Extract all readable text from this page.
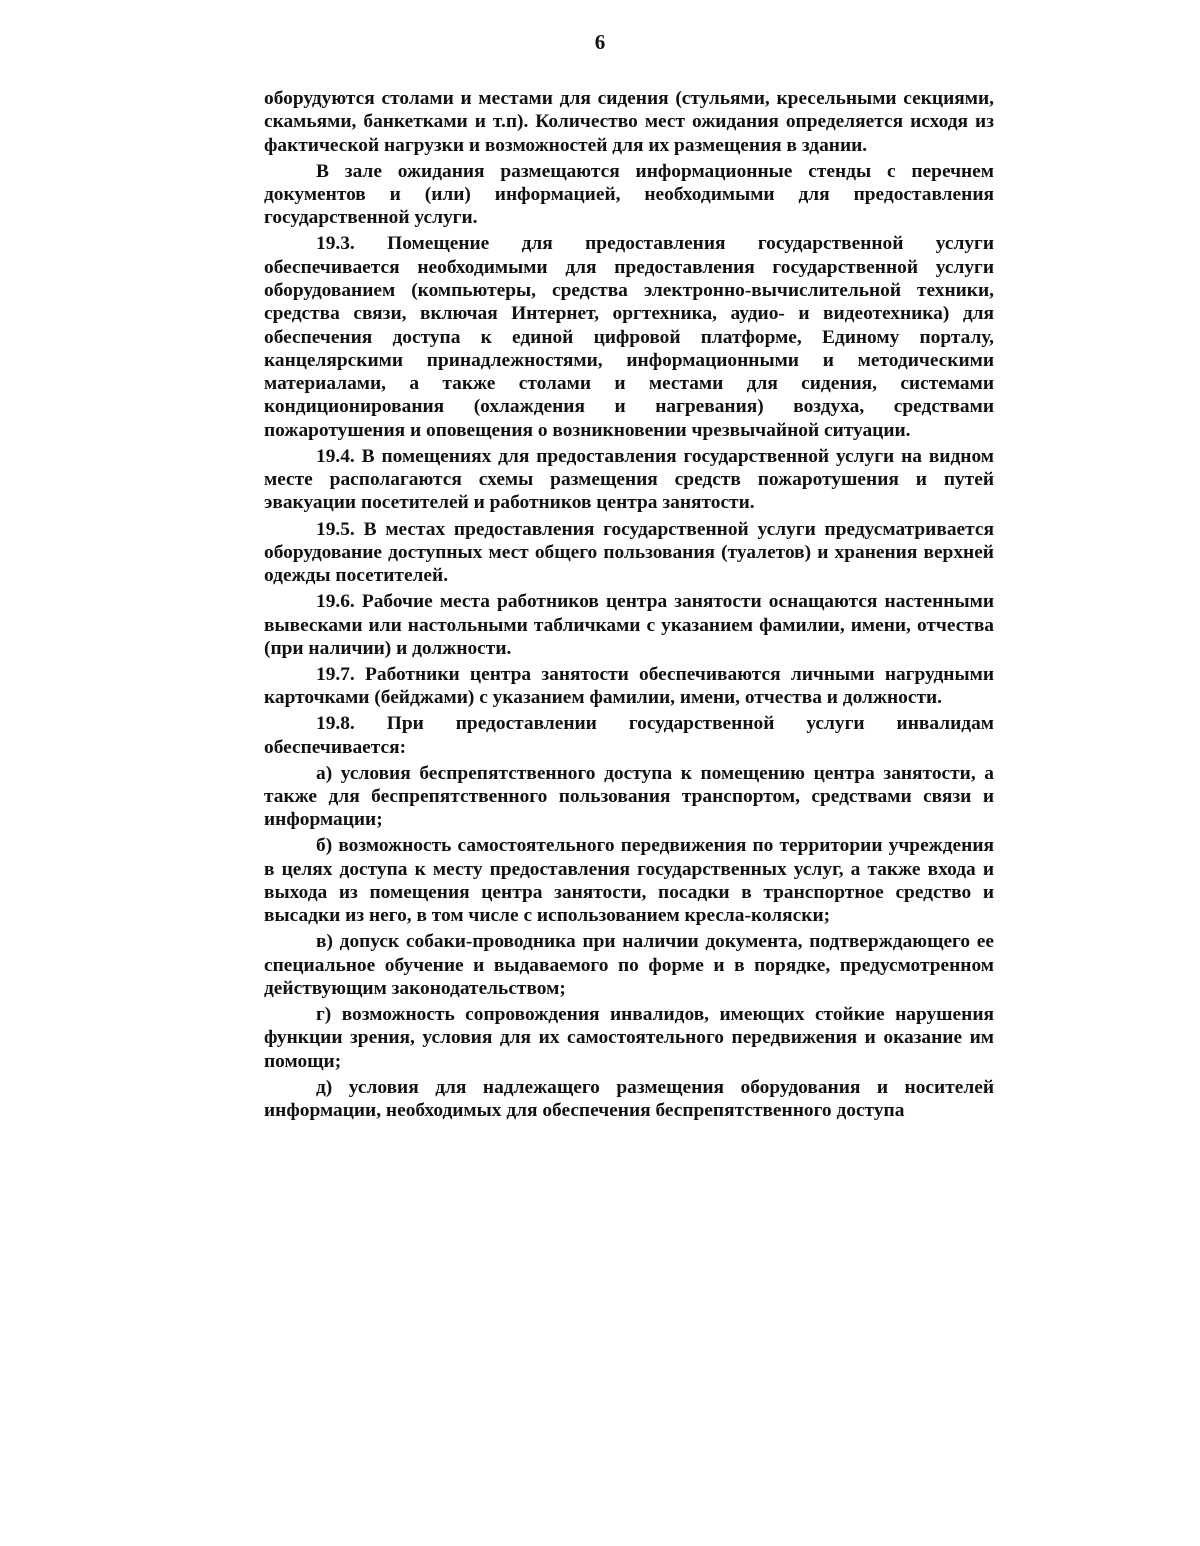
6

оборудуются столами и местами для сидения (стульями, кресельными секциями, скамьями, банкетками и т.п). Количество мест ожидания определяется исходя из фактической нагрузки и возможностей для их размещения в здании.

В зале ожидания размещаются информационные стенды с перечнем документов и (или) информацией, необходимыми для предоставления государственной услуги.

19.3. Помещение для предоставления государственной услуги обеспечивается необходимыми для предоставления государственной услуги оборудованием (компьютеры, средства электронно-вычислительной техники, средства связи, включая Интернет, оргтехника, аудио- и видеотехника) для обеспечения доступа к единой цифровой платформе, Единому порталу, канцелярскими принадлежностями, информационными и методическими материалами, а также столами и местами для сидения, системами кондиционирования (охлаждения и нагревания) воздуха, средствами пожаротушения и оповещения о возникновении чрезвычайной ситуации.

19.4. В помещениях для предоставления государственной услуги на видном месте располагаются схемы размещения средств пожаротушения и путей эвакуации посетителей и работников центра занятости.

19.5. В местах предоставления государственной услуги предусматривается оборудование доступных мест общего пользования (туалетов) и хранения верхней одежды посетителей.

19.6. Рабочие места работников центра занятости оснащаются настенными вывесками или настольными табличками с указанием фамилии, имени, отчества (при наличии) и должности.

19.7. Работники центра занятости обеспечиваются личными нагрудными карточками (бейджами) с указанием фамилии, имени, отчества и должности.

19.8. При предоставлении государственной услуги инвалидам обеспечивается:

а) условия беспрепятственного доступа к помещению центра занятости, а также для беспрепятственного пользования транспортом, средствами связи и информации;

б) возможность самостоятельного передвижения по территории учреждения в целях доступа к месту предоставления государственных услуг, а также входа и выхода из помещения центра занятости, посадки в транспортное средство и высадки из него, в том числе с использованием кресла-коляски;

в) допуск собаки-проводника при наличии документа, подтверждающего ее специальное обучение и выдаваемого по форме и в порядке, предусмотренном действующим законодательством;

г) возможность сопровождения инвалидов, имеющих стойкие нарушения функции зрения, условия для их самостоятельного передвижения и оказание им помощи;

д) условия для надлежащего размещения оборудования и носителей информации, необходимых для обеспечения беспрепятственного доступа
